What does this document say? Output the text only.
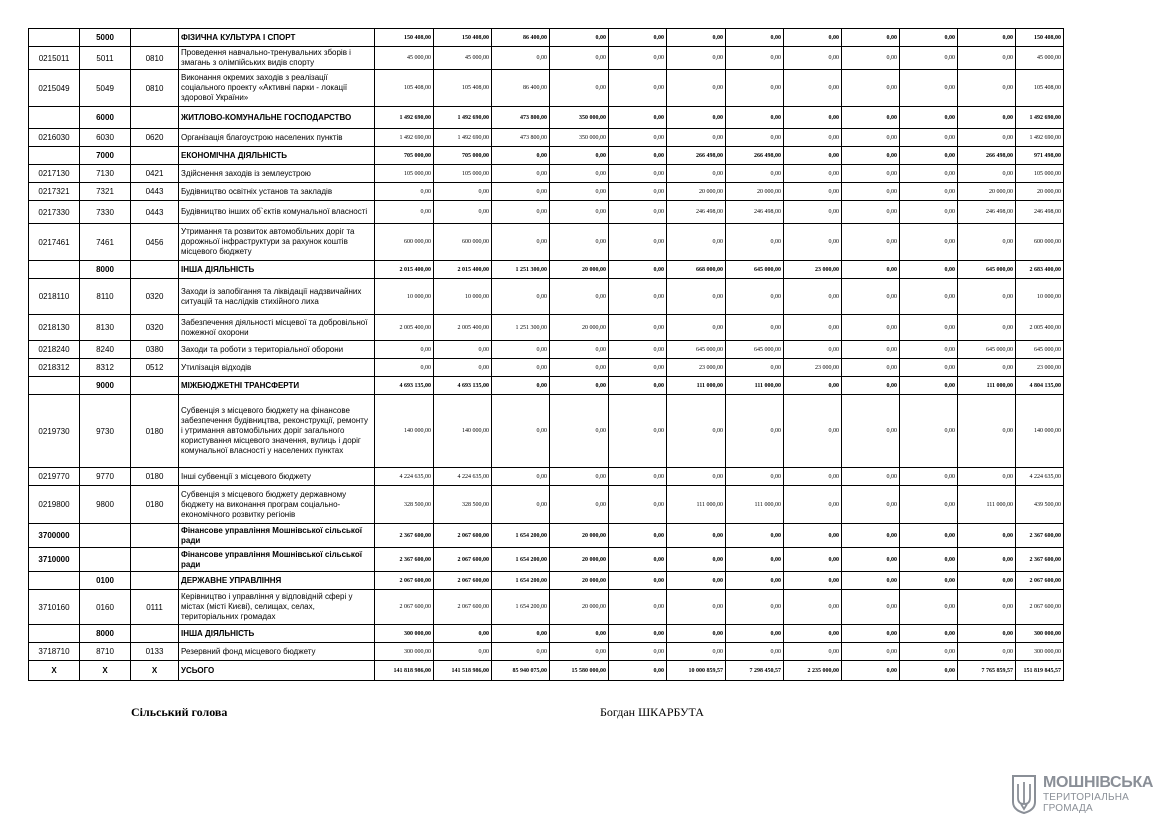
	5000		ФІЗИЧНА КУЛЬТУРА І СПОРТ	150 408,00	150 408,00	86 400,00	0,00	0,00	0,00	0,00	0,00	0,00	0,00	0,00	150 408,00
0215011	5011	0810	Проведення навчально-тренувальних зборів і змагань з олімпійських видів спорту	45 000,00	45 000,00	0,00	0,00	0,00	0,00	0,00	0,00	0,00	0,00	0,00	45 000,00
0215049	5049	0810	Виконання окремих заходів з реалізації соціального проекту «Активні парки - локації здорової України»	105 408,00	105 408,00	86 400,00	0,00	0,00	0,00	0,00	0,00	0,00	0,00	0,00	105 408,00
	6000		ЖИТЛОВО-КОМУНАЛЬНЕ ГОСПОДАРСТВО	1 492 690,00	1 492 690,00	473 800,00	350 000,00	0,00	0,00	0,00	0,00	0,00	0,00	0,00	1 492 690,00
0216030	6030	0620	Організація благоустрою населених пунктів	1 492 690,00	1 492 690,00	473 800,00	350 000,00	0,00	0,00	0,00	0,00	0,00	0,00	0,00	1 492 690,00
	7000		ЕКОНОМІЧНА ДІЯЛЬНІСТЬ	705 000,00	705 000,00	0,00	0,00	0,00	266 498,00	266 498,00	0,00	0,00	0,00	266 498,00	971 498,00
0217130	7130	0421	Здійснення заходів із землеустрою	105 000,00	105 000,00	0,00	0,00	0,00	0,00	0,00	0,00	0,00	0,00	0,00	105 000,00
0217321	7321	0443	Будівництво освітніх установ та закладів	0,00	0,00	0,00	0,00	0,00	20 000,00	20 000,00	0,00	0,00	0,00	20 000,00	20 000,00
0217330	7330	0443	Будівництво інших об`єктів комунальної власності	0,00	0,00	0,00	0,00	0,00	246 498,00	246 498,00	0,00	0,00	0,00	246 498,00	246 498,00
0217461	7461	0456	Утримання та розвиток автомобільних доріг та дорожньої інфраструктури за рахунок коштів місцевого бюджету	600 000,00	600 000,00	0,00	0,00	0,00	0,00	0,00	0,00	0,00	0,00	0,00	600 000,00
	8000		ІНША ДІЯЛЬНІСТЬ	2 015 400,00	2 015 400,00	1 251 300,00	20 000,00	0,00	668 000,00	645 000,00	23 000,00	0,00	0,00	645 000,00	2 683 400,00
0218110	8110	0320	Заходи із запобігання та ліквідації надзвичайних ситуацій та наслідків стихійного лиха	10 000,00	10 000,00	0,00	0,00	0,00	0,00	0,00	0,00	0,00	0,00	0,00	10 000,00
0218130	8130	0320	Забезпечення діяльності місцевої та добровільної пожежної охорони	2 005 400,00	2 005 400,00	1 251 300,00	20 000,00	0,00	0,00	0,00	0,00	0,00	0,00	0,00	2 005 400,00
0218240	8240	0380	Заходи та роботи з територіальної оборони	0,00	0,00	0,00	0,00	0,00	645 000,00	645 000,00	0,00	0,00	0,00	645 000,00	645 000,00
0218312	8312	0512	Утилізація відходів	0,00	0,00	0,00	0,00	0,00	23 000,00	0,00	23 000,00	0,00	0,00	0,00	23 000,00
	9000		МІЖБЮДЖЕТНІ ТРАНСФЕРТИ	4 693 135,00	4 693 135,00	0,00	0,00	0,00	111 000,00	111 000,00	0,00	0,00	0,00	111 000,00	4 804 135,00
0219730	9730	0180	Субвенція з місцевого бюджету на фінансове забезпечення будівництва, реконструкції, ремонту і утримання автомобільних доріг загального користування місцевого значення, вулиць і доріг комунальної власності у населених пунктах	140 000,00	140 000,00	0,00	0,00	0,00	0,00	0,00	0,00	0,00	0,00	0,00	140 000,00
0219770	9770	0180	Інші субвенції з місцевого бюджету	4 224 635,00	4 224 635,00	0,00	0,00	0,00	0,00	0,00	0,00	0,00	0,00	0,00	4 224 635,00
0219800	9800	0180	Субвенція з місцевого бюджету державному бюджету на виконання програм соціально-економічного розвитку регіонів	328 500,00	328 500,00	0,00	0,00	0,00	111 000,00	111 000,00	0,00	0,00	0,00	111 000,00	439 500,00
3700000			Фінансове управління Мошнівської сільської ради	2 367 600,00	2 067 600,00	1 654 200,00	20 000,00	0,00	0,00	0,00	0,00	0,00	0,00	0,00	2 367 600,00
3710000			Фінансове управління Мошнівської сільської ради	2 367 600,00	2 067 600,00	1 654 200,00	20 000,00	0,00	0,00	0,00	0,00	0,00	0,00	0,00	2 367 600,00
	0100		ДЕРЖАВНЕ УПРАВЛІННЯ	2 067 600,00	2 067 600,00	1 654 200,00	20 000,00	0,00	0,00	0,00	0,00	0,00	0,00	0,00	2 067 600,00
3710160	0160	0111	Керівництво і управління у відповідній сфері у містах (місті Києві), селищах, селах, територіальних громадах	2 067 600,00	2 067 600,00	1 654 200,00	20 000,00	0,00	0,00	0,00	0,00	0,00	0,00	0,00	2 067 600,00
	8000		ІНША ДІЯЛЬНІСТЬ	300 000,00	0,00	0,00	0,00	0,00	0,00	0,00	0,00	0,00	0,00	0,00	300 000,00
3718710	8710	0133	Резервний фонд місцевого бюджету	300 000,00	0,00	0,00	0,00	0,00	0,00	0,00	0,00	0,00	0,00	0,00	300 000,00
X	X	X	УСЬОГО	141 818 986,00	141 518 986,00	85 940 075,00	15 580 000,00	0,00	10 000 859,57	7 298 450,57	2 235 000,00	0,00	0,00	7 765 859,57	151 819 845,57
Сільський голова	Богдан ШКАРБУТА
МОШНІВСЬКА
ТЕРИТОРІАЛЬНА
ГРОМАДА
